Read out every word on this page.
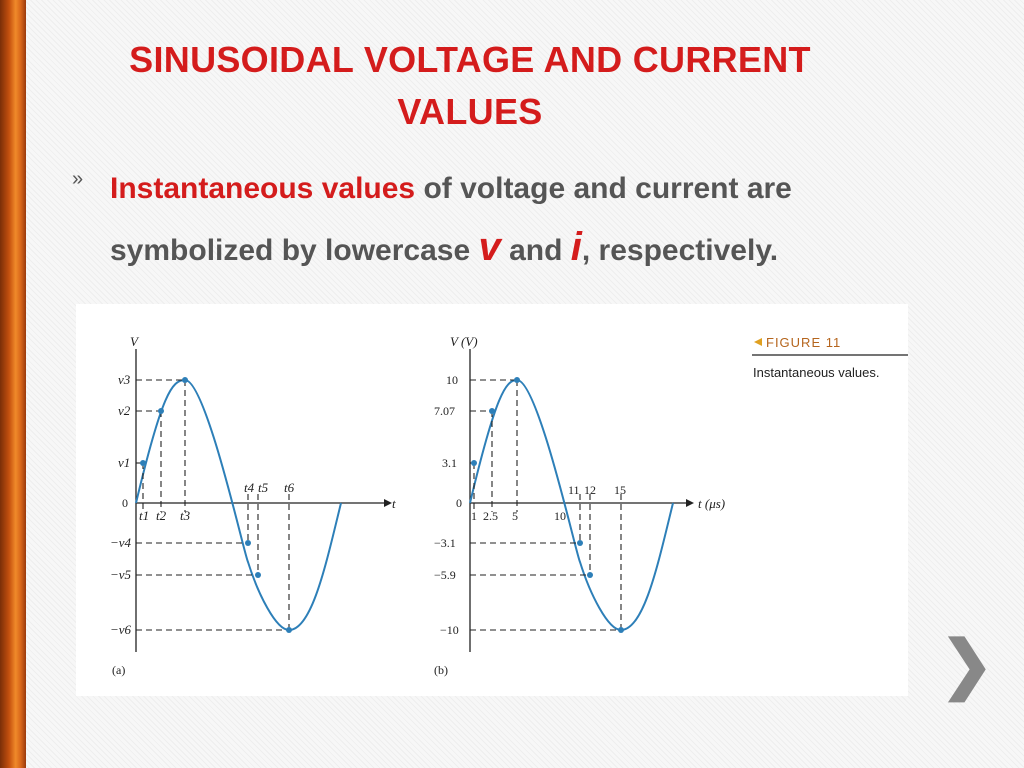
SINUSOIDAL VOLTAGE AND CURRENT VALUES
» Instantaneous values of voltage and current are symbolized by lowercase v and i, respectively.
V
t
0
v3
v2
v1
−v4
−v5
−v6
t1 t2 t3
t4 t5 t6
(a)
V (V)
t (μs)
0
10
7.07
3.1
−3.1
−5.9
−10
1 2.5 5	10
11 12 15
(b)
FIGURE 11
Instantaneous values.
❯
